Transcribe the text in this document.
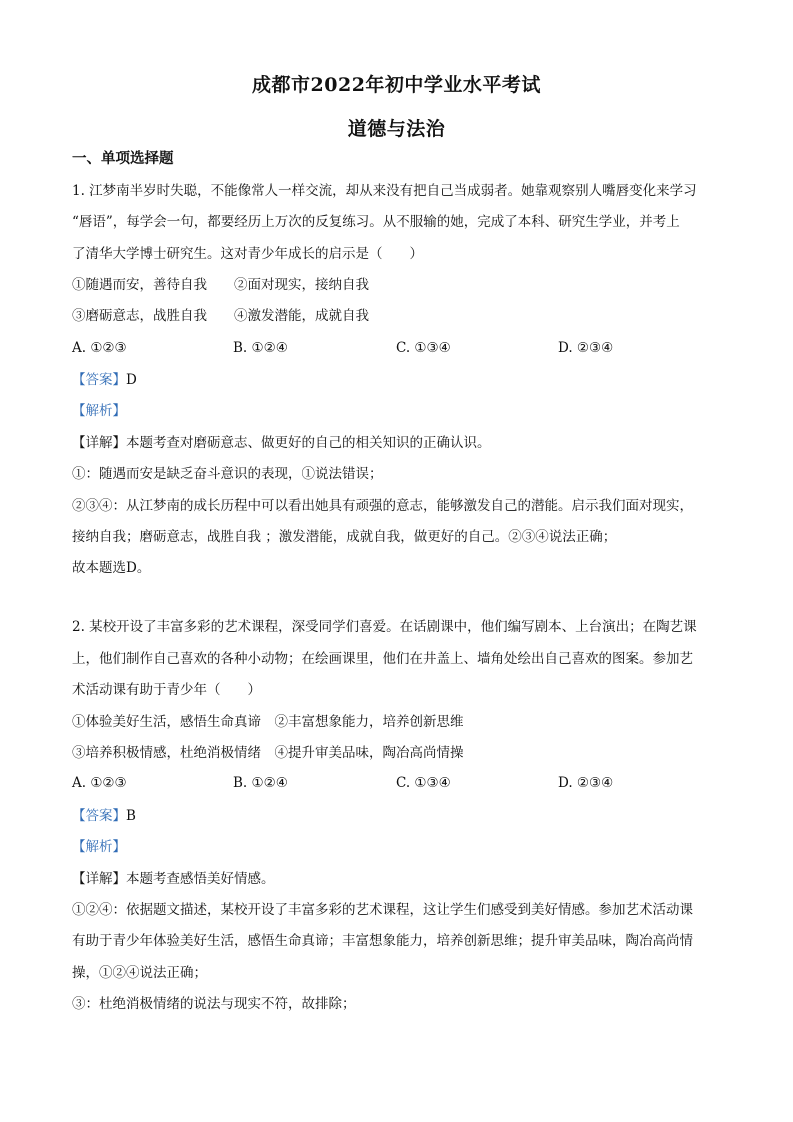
成都市2022年初中学业水平考试
道德与法治
一、单项选择题
1. 江梦南半岁时失聪，不能像常人一样交流，却从来没有把自己当成弱者。她靠观察别人嘴唇变化来学习
“唇语”，每学会一句，都要经历上万次的反复练习。从不服输的她，完成了本科、研究生学业，并考上
了清华大学博士研究生。这对青少年成长的启示是（　　）
①随遇而安，善待自我　　②面对现实，接纳自我
③磨砺意志，战胜自我　　④激发潜能，成就自我
A. ①②③	B. ①②④	C. ①③④	D. ②③④
【答案】D
【解析】
【详解】本题考查对磨砺意志、做更好的自己的相关知识的正确认识。
①：随遇而安是缺乏奋斗意识的表现，①说法错误；
②③④：从江梦南的成长历程中可以看出她具有顽强的意志，能够激发自己的潜能。启示我们面对现实，
接纳自我；磨砺意志，战胜自我 ；激发潜能，成就自我，做更好的自己。②③④说法正确；
故本题选D。
2. 某校开设了丰富多彩的艺术课程，深受同学们喜爱。在话剧课中，他们编写剧本、上台演出；在陶艺课
上，他们制作自己喜欢的各种小动物；在绘画课里，他们在井盖上、墙角处绘出自己喜欢的图案。参加艺
术活动课有助于青少年（　　）
①体验美好生活，感悟生命真谛　②丰富想象能力，培养创新思维
③培养积极情感，杜绝消极情绪　④提升审美品味，陶冶高尚情操
A. ①②③	B. ①②④	C. ①③④	D. ②③④
【答案】B
【解析】
【详解】本题考查感悟美好情感。
①②④：依据题文描述，某校开设了丰富多彩的艺术课程，这让学生们感受到美好情感。参加艺术活动课
有助于青少年体验美好生活，感悟生命真谛；丰富想象能力，培养创新思维；提升审美品味，陶冶高尚情
操，①②④说法正确；
③：杜绝消极情绪的说法与现实不符，故排除；
